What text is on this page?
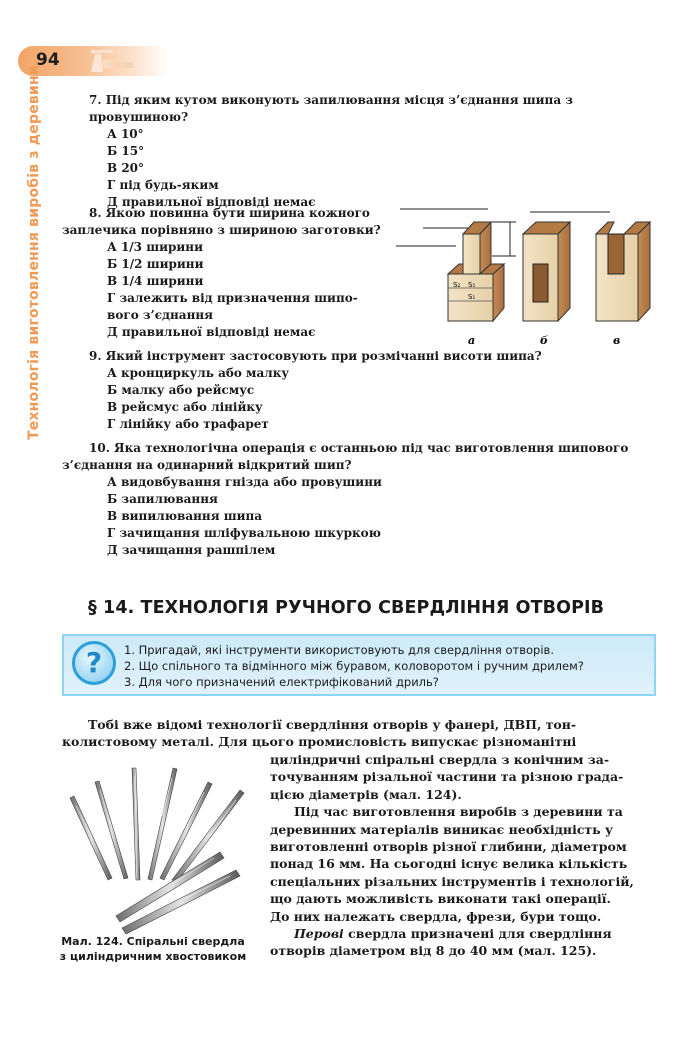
94
Технологія виготовлення виробів з деревини	7. Під яким кутом виконують запилювання місця з’єднання шипа з провушиною?
А 10°
Б 15°
В 20°
Г під будь-яким
Д правильної відповіді немає
8. Якою повинна бути ширина кожного
заплечика порівняно з шириною заготовки?
А 1/3 ширини
Б 1/2 ширини
В 1/4 ширини
Г залежить від призначення шипо-
вого з’єднання
Д правильної відповіді немає
S₂ S₁
S₁
а	б	в
9. Який інструмент застосовують при розмічанні висоти шипа?
А кронциркуль або малку
Б малку або рейсмус
В рейсмус або лінійку
Г лінійку або трафарет
10. Яка технологічна операція є останньою під час виготовлення шипового
з’єднання на одинарний відкритий шип?
А видовбування гнізда або провушини
Б запилювання
В випилювання шипа
Г зачищання шліфувальною шкуркою
Д зачищання рашпілем
§ 14. ТЕХНОЛОГІЯ РУЧНОГО СВЕРДЛІННЯ ОТВОРІВ
?	1. Пригадай, які інструменти використовують для свердління отворів.
2. Що спільного та відмінного між буравом, коловоротом і ручним дрилем?
3. Для чого призначений електрифікований дриль?
Тобі вже відомі технології свердління отворів у фанері, ДВП, тон-
колистовому металі. Для цього промисловість випускає різноманітні
циліндричні спіральні свердла з конічним за-
точуванням різальної частини та різною града-
цією діаметрів (мал. 124).
Під час виготовлення виробів з деревини та
деревинних матеріалів виникає необхідність у
виготовленні отворів різної глибини, діаметром
понад 16 мм. На сьогодні існує велика кількість
спеціальних різальних інструментів і технологій,
що дають можливість виконати такі операції.
До них належать свердла, фрези, бури тощо.
Перові свердла призначені для свердління
отворів діаметром від 8 до 40 мм (мал. 125).
Мал. 124. Спіральні свердла
з циліндричним хвостовиком
